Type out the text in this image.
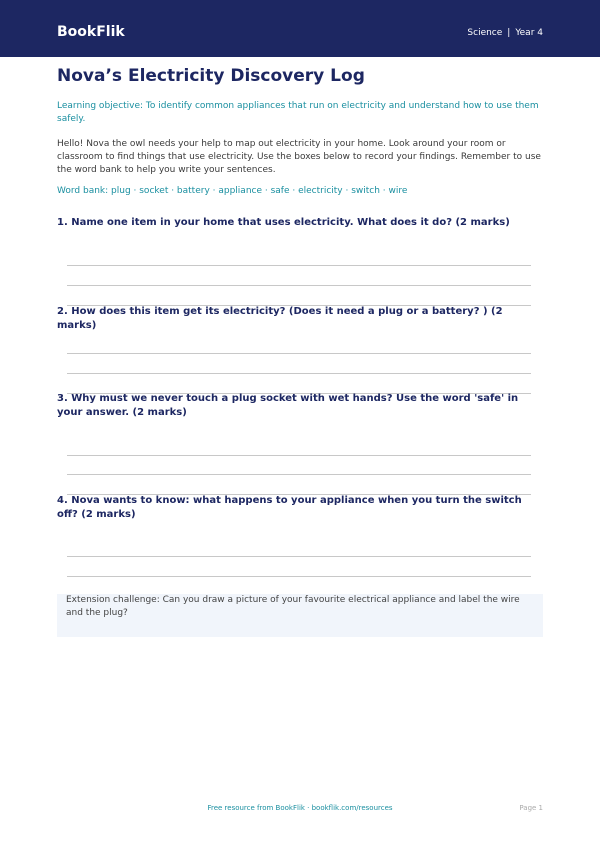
BookFlik	Science | Year 4
Nova’s Electricity Discovery Log
Learning objective: To identify common appliances that run on electricity and understand how to use them safely.
Hello! Nova the owl needs your help to map out electricity in your home. Look around your room or classroom to find things that use electricity. Use the boxes below to record your findings. Remember to use the word bank to help you write your sentences.
Word bank: plug · socket · battery · appliance · safe · electricity · switch · wire
1. Name one item in your home that uses electricity. What does it do? (2 marks)
2. How does this item get its electricity? (Does it need a plug or a battery? ) (2 marks)
3. Why must we never touch a plug socket with wet hands? Use the word 'safe' in your answer. (2 marks)
4. Nova wants to know: what happens to your appliance when you turn the switch off? (2 marks)
Extension challenge: Can you draw a picture of your favourite electrical appliance and label the wire and the plug?
Free resource from BookFlik · bookflik.com/resources	Page 1
